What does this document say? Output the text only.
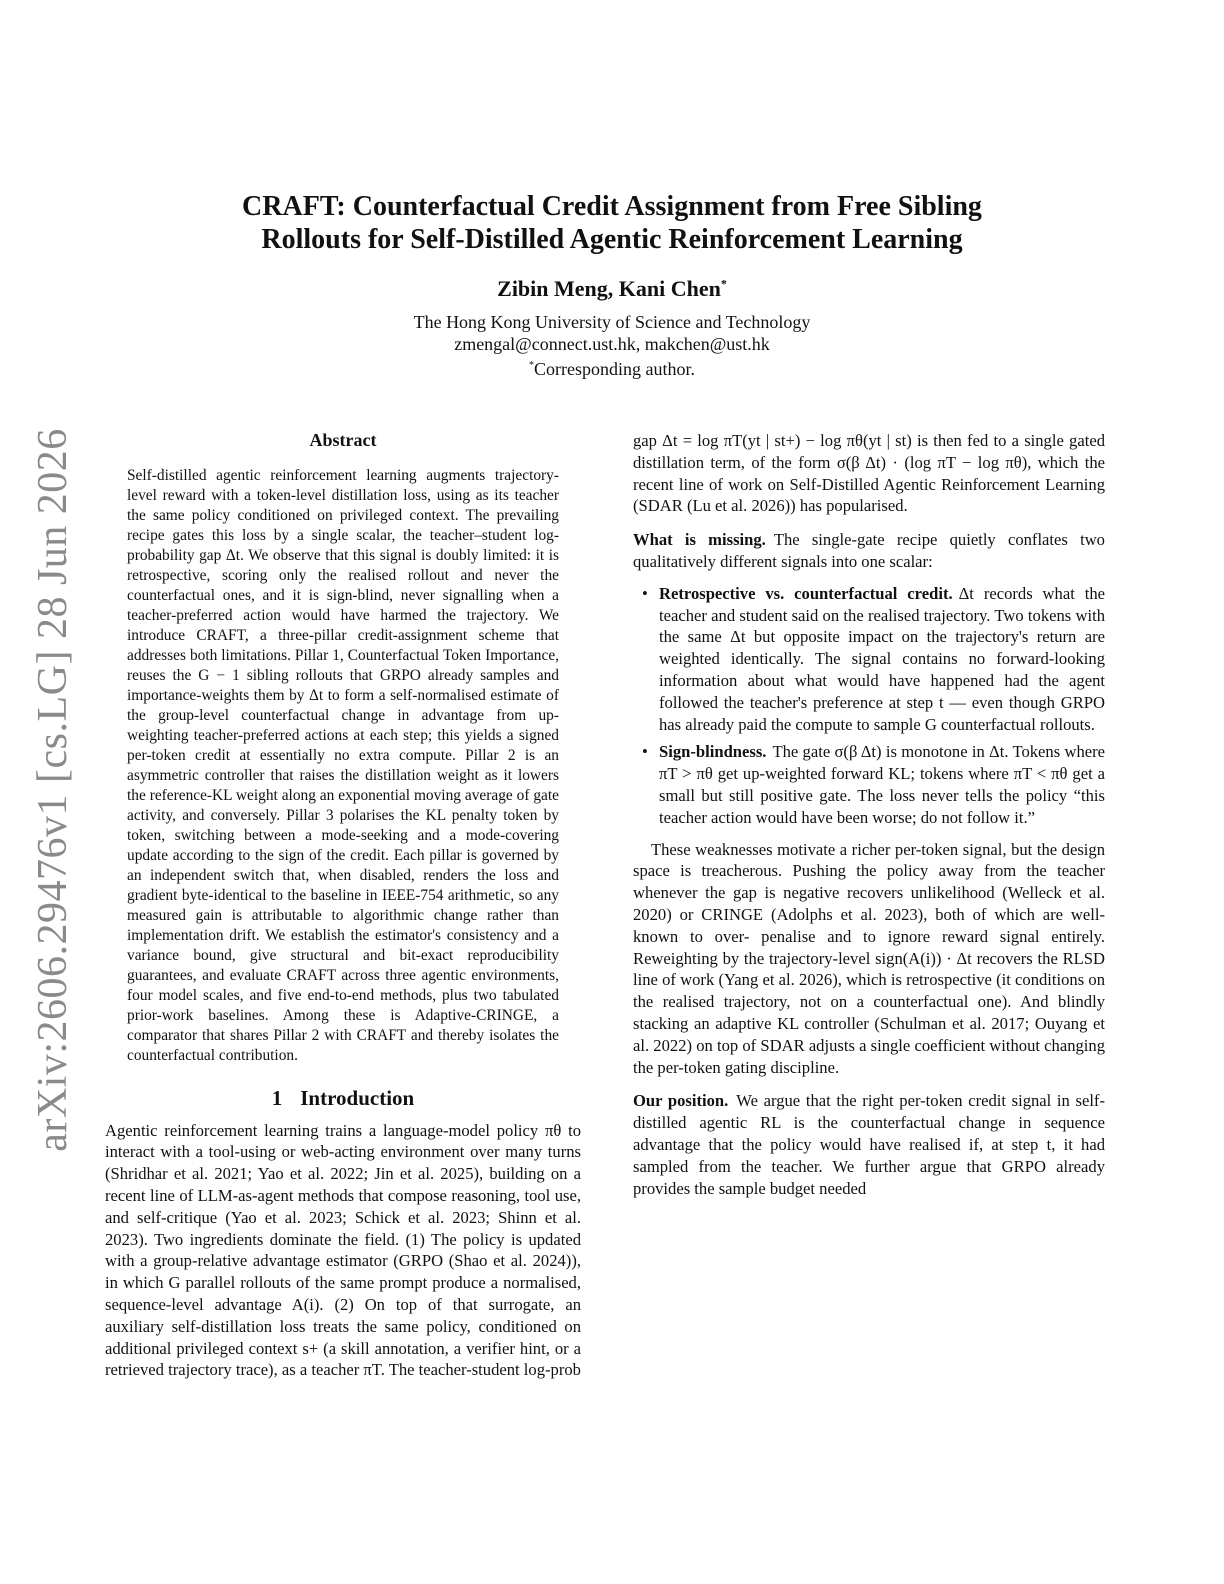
arXiv:2606.29476v1 [cs.LG] 28 Jun 2026
CRAFT: Counterfactual Credit Assignment from Free Sibling
Rollouts for Self-Distilled Agentic Reinforcement Learning
Zibin Meng, Kani Chen*
The Hong Kong University of Science and Technology
zmengal@connect.ust.hk, makchen@ust.hk
*Corresponding author.
Abstract

Self-distilled agentic reinforcement learning augments trajectory-level reward with a token-level distillation loss, using as its teacher the same policy conditioned on privileged context. The prevailing recipe gates this loss by a single scalar, the teacher–student log-probability gap Δt. We observe that this signal is doubly limited: it is retrospective, scoring only the realised rollout and never the counterfactual ones, and it is sign-blind, never signalling when a teacher-preferred action would have harmed the trajectory. We introduce CRAFT, a three-pillar credit-assignment scheme that addresses both limitations. Pillar 1, Counterfactual Token Importance, reuses the G − 1 sibling rollouts that GRPO already samples and importance-weights them by Δt to form a self-normalised estimate of the group-level counterfactual change in advantage from up-weighting teacher-preferred actions at each step; this yields a signed per-token credit at essentially no extra compute. Pillar 2 is an asymmetric controller that raises the distillation weight as it lowers the reference-KL weight along an exponential moving average of gate activity, and conversely. Pillar 3 polarises the KL penalty token by token, switching between a mode-seeking and a mode-covering update according to the sign of the credit. Each pillar is governed by an independent switch that, when disabled, renders the loss and gradient byte-identical to the baseline in IEEE-754 arithmetic, so any measured gain is attributable to algorithmic change rather than implementation drift. We establish the estimator's consistency and a variance bound, give structural and bit-exact reproducibility guarantees, and evaluate CRAFT across three agentic environments, four model scales, and five end-to-end methods, plus two tabulated prior-work baselines. Among these is Adaptive-CRINGE, a comparator that shares Pillar 2 with CRAFT and thereby isolates the counterfactual contribution.

1 Introduction

Agentic reinforcement learning trains a language-model policy πθ to interact with a tool-using or web-acting environment over many turns (Shridhar et al. 2021; Yao et al. 2022; Jin et al. 2025), building on a recent line of LLM-as-agent methods that compose reasoning, tool use, and self-critique (Yao et al. 2023; Schick et al. 2023; Shinn et al. 2023). Two ingredients dominate the field. (1) The policy is updated with a group-relative advantage estimator (GRPO (Shao et al. 2024)), in which G parallel rollouts of the same prompt produce a normalised, sequence-level advantage A(i). (2) On top of that surrogate, an auxiliary self-distillation loss treats the same policy, conditioned on additional privileged context s+ (a skill annotation, a verifier hint, or a retrieved trajectory trace), as a teacher πT. The teacher-student log-prob

gap Δt = log πT(yt | st+) − log πθ(yt | st) is then fed to a single gated distillation term, of the form σ(β Δt) · (log πT − log πθ), which the recent line of work on Self-Distilled Agentic Reinforcement Learning (SDAR (Lu et al. 2026)) has popularised.

What is missing. The single-gate recipe quietly conflates two qualitatively different signals into one scalar:

• Retrospective vs. counterfactual credit. Δt records what the teacher and student said on the realised trajectory. Two tokens with the same Δt but opposite impact on the trajectory's return are weighted identically. The signal contains no forward-looking information about what would have happened had the agent followed the teacher's preference at step t — even though GRPO has already paid the compute to sample G counterfactual rollouts.
• Sign-blindness. The gate σ(β Δt) is monotone in Δt. Tokens where πT > πθ get up-weighted forward KL; tokens where πT < πθ get a small but still positive gate. The loss never tells the policy “this teacher action would have been worse; do not follow it.”

These weaknesses motivate a richer per-token signal, but the design space is treacherous. Pushing the policy away from the teacher whenever the gap is negative recovers unlikelihood (Welleck et al. 2020) or CRINGE (Adolphs et al. 2023), both of which are well-known to over- penalise and to ignore reward signal entirely. Reweighting by the trajectory-level sign(A(i)) · Δt recovers the RLSD line of work (Yang et al. 2026), which is retrospective (it conditions on the realised trajectory, not on a counterfactual one). And blindly stacking an adaptive KL controller (Schulman et al. 2017; Ouyang et al. 2022) on top of SDAR adjusts a single coefficient without changing the per-token gating discipline.

Our position. We argue that the right per-token credit signal in self-distilled agentic RL is the counterfactual change in sequence advantage that the policy would have realised if, at step t, it had sampled from the teacher. We further argue that GRPO already provides the sample budget needed
